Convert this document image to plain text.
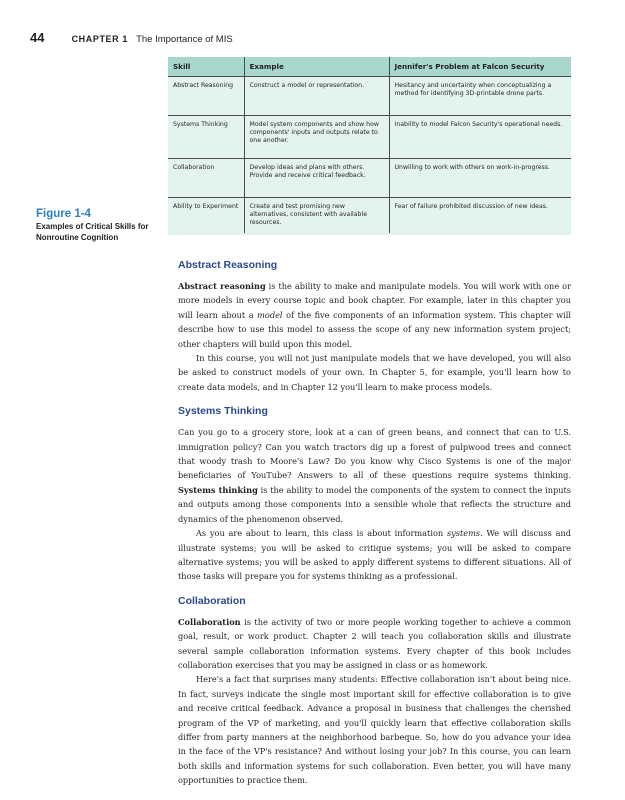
44	CHAPTER 1 The Importance of MIS
Figure 1-4
Examples of Critical Skills for Nonroutine Cognition
Skill	Example	Jennifer's Problem at Falcon Security
Abstract Reasoning	Construct a model or representation.	Hesitancy and uncertainty when conceptualizing a method for identifying 3D-printable drone parts.
Systems Thinking	Model system components and show how components' inputs and outputs relate to one another.	Inability to model Falcon Security's operational needs.
Collaboration	Develop ideas and plans with others. Provide and receive critical feedback.	Unwilling to work with others on work-in-progress.
Ability to Experiment	Create and test promising new alternatives, consistent with available resources.	Fear of failure prohibited discussion of new ideas.
Abstract Reasoning

Abstract reasoning is the ability to make and manipulate models. You will work with one or more models in every course topic and book chapter. For example, later in this chapter you will learn about a model of the five components of an information system. This chapter will describe how to use this model to assess the scope of any new information system project; other chapters will build upon this model.

In this course, you will not just manipulate models that we have developed, you will also be asked to construct models of your own. In Chapter 5, for example, you'll learn how to create data models, and in Chapter 12 you'll learn to make process models.

Systems Thinking

Can you go to a grocery store, look at a can of green beans, and connect that can to U.S. immigration policy? Can you watch tractors dig up a forest of pulpwood trees and connect that woody trash to Moore's Law? Do you know why Cisco Systems is one of the major beneficiaries of YouTube? Answers to all of these questions require systems thinking. Systems thinking is the ability to model the components of the system to connect the inputs and outputs among those components into a sensible whole that reflects the structure and dynamics of the phenomenon observed.

As you are about to learn, this class is about information systems. We will discuss and illustrate systems; you will be asked to critique systems; you will be asked to compare alternative systems; you will be asked to apply different systems to different situations. All of those tasks will prepare you for systems thinking as a professional.

Collaboration

Collaboration is the activity of two or more people working together to achieve a common goal, result, or work product. Chapter 2 will teach you collaboration skills and illustrate several sample collaboration information systems. Every chapter of this book includes collaboration exercises that you may be assigned in class or as homework.

Here's a fact that surprises many students: Effective collaboration isn't about being nice. In fact, surveys indicate the single most important skill for effective collaboration is to give and receive critical feedback. Advance a proposal in business that challenges the cherished program of the VP of marketing, and you'll quickly learn that effective collaboration skills differ from party manners at the neighborhood barbeque. So, how do you advance your idea in the face of the VP's resistance? And without losing your job? In this course, you can learn both skills and information systems for such collaboration. Even better, you will have many opportunities to practice them.
